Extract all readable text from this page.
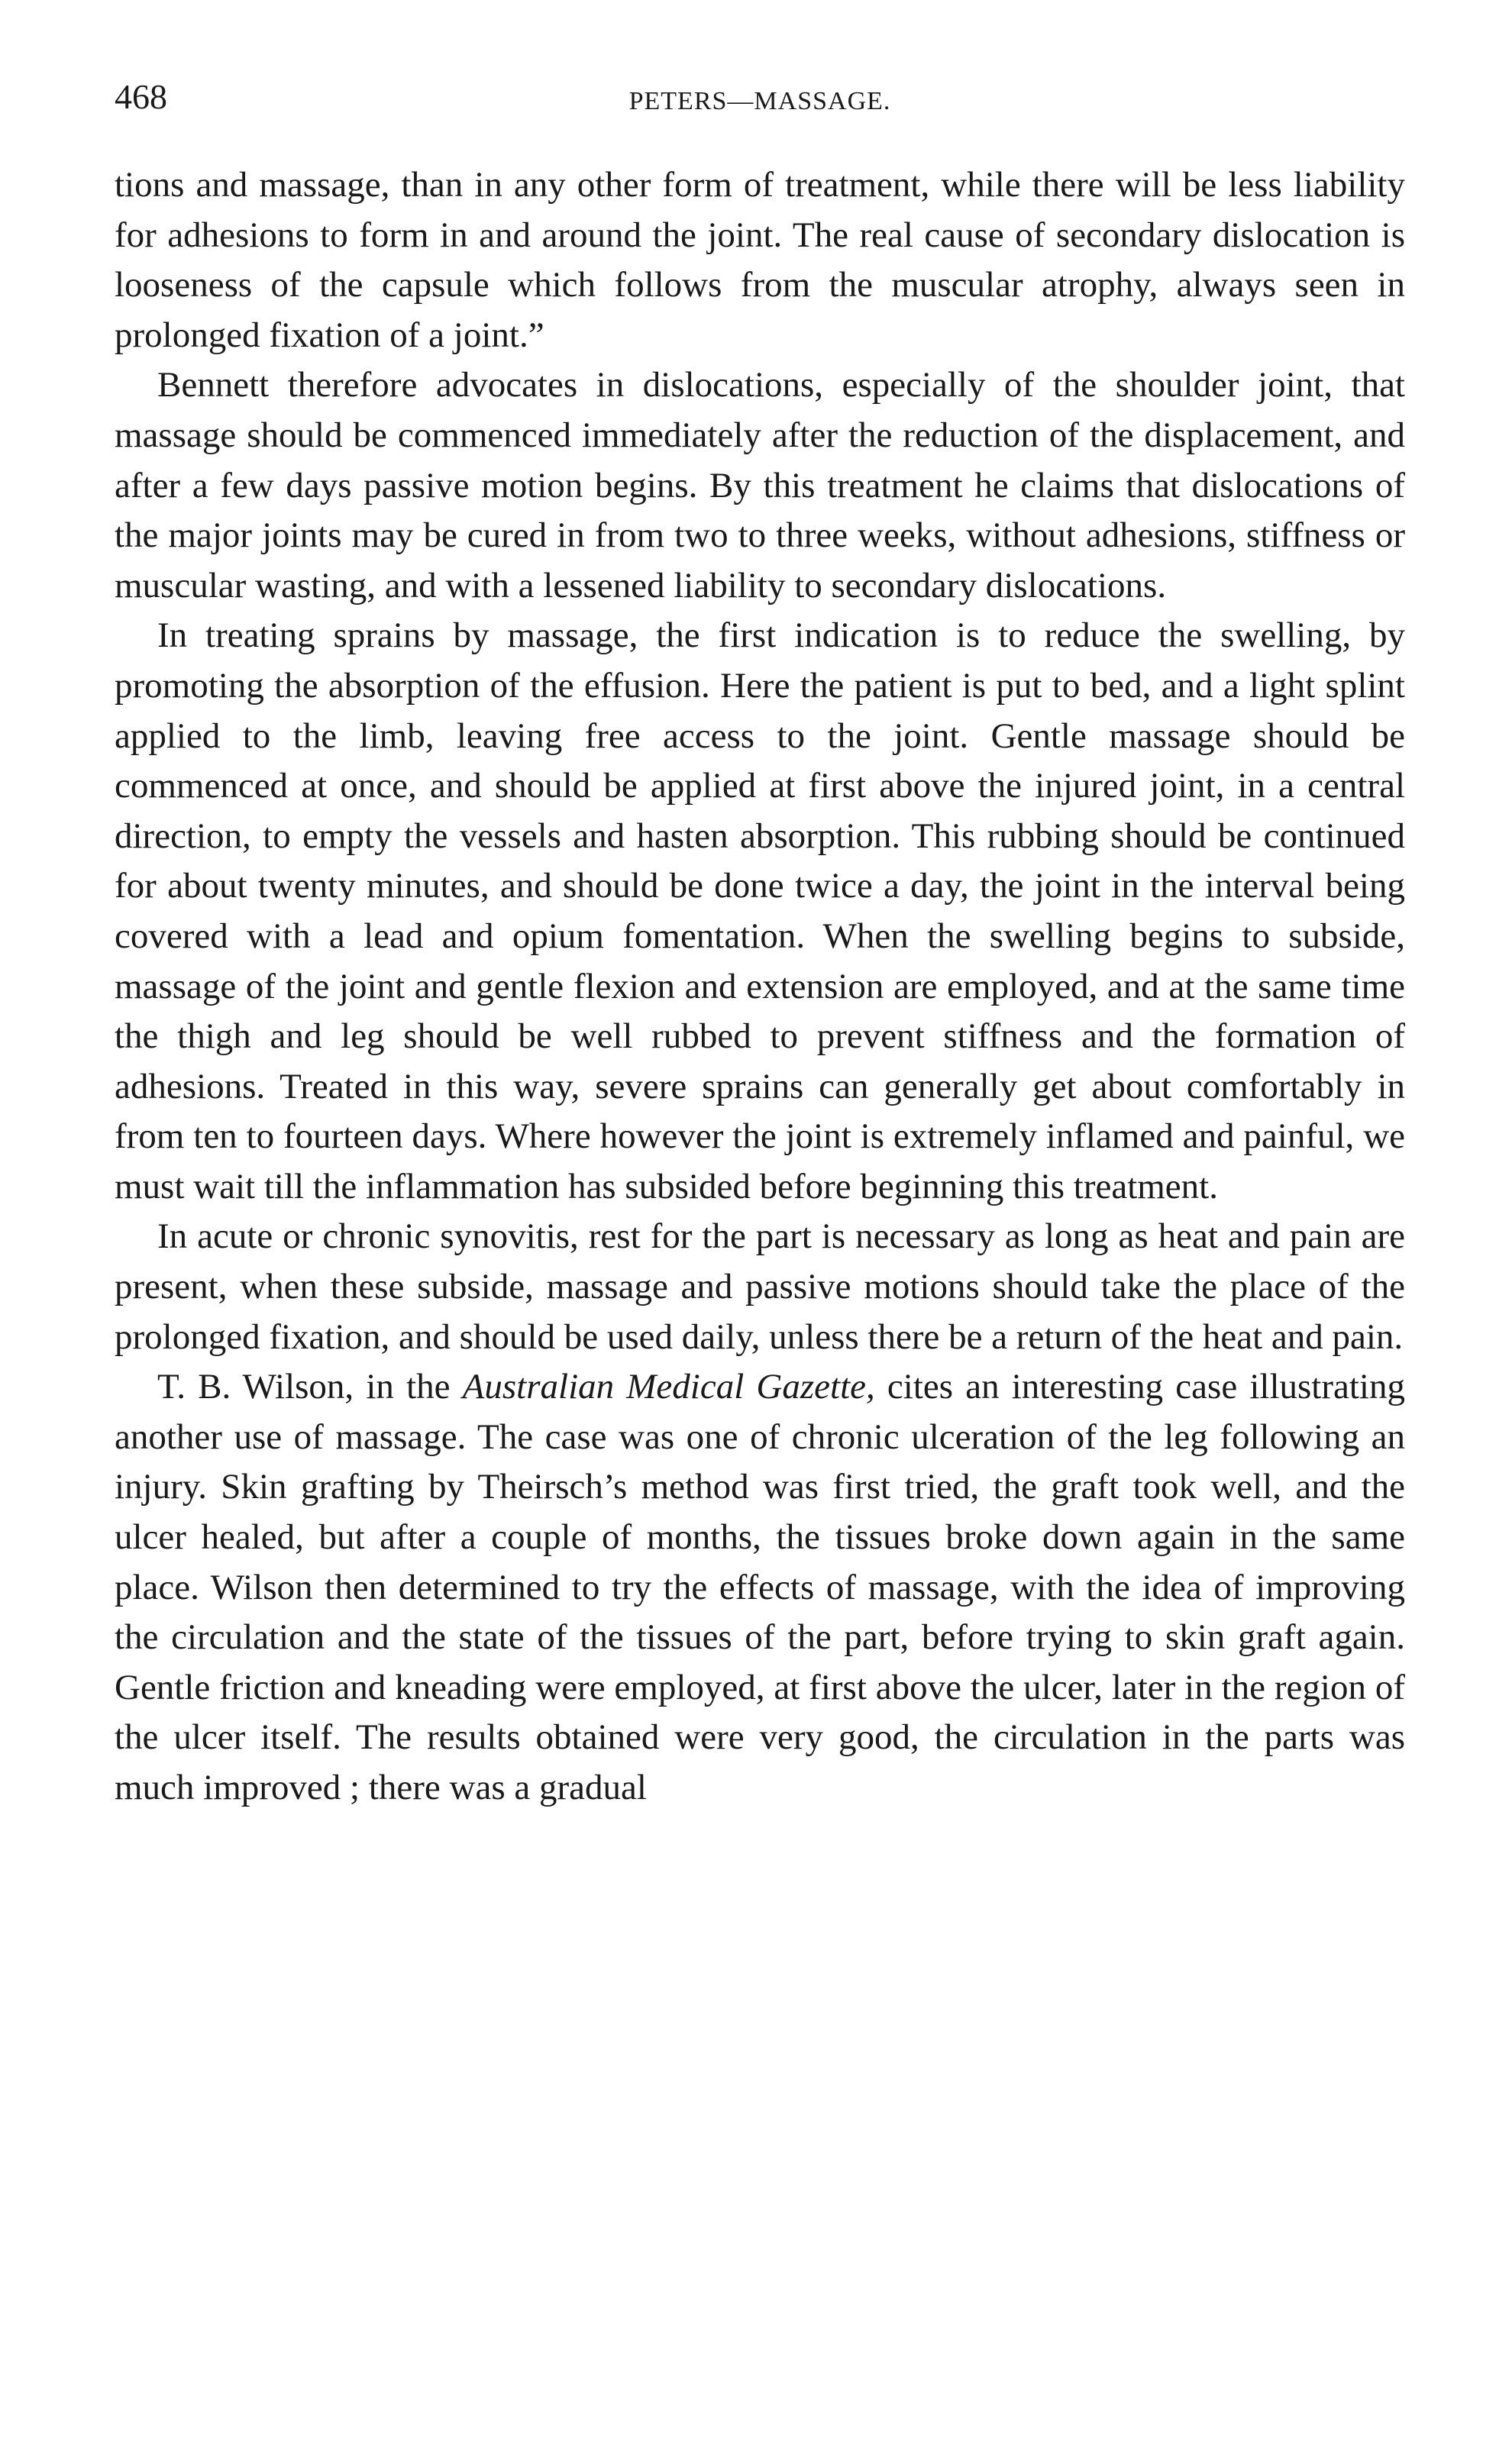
468	PETERS—MASSAGE.

tions and massage, than in any other form of treatment, while there will be less liability for adhesions to form in and around the joint. The real cause of secondary dislocation is looseness of the capsule which follows from the muscular atrophy, always seen in prolonged fixation of a joint.”

Bennett therefore advocates in dislocations, especially of the shoulder joint, that massage should be commenced immediately after the reduction of the displacement, and after a few days passive motion begins. By this treatment he claims that dislocations of the major joints may be cured in from two to three weeks, without adhesions, stiffness or muscular wasting, and with a lessened liability to secondary dislocations.

In treating sprains by massage, the first indication is to reduce the swelling, by promoting the absorption of the effusion. Here the patient is put to bed, and a light splint applied to the limb, leaving free access to the joint. Gentle massage should be commenced at once, and should be applied at first above the injured joint, in a central direction, to empty the vessels and hasten absorption. This rubbing should be continued for about twenty minutes, and should be done twice a day, the joint in the interval being covered with a lead and opium fomentation. When the swelling begins to subside, massage of the joint and gentle flexion and extension are employed, and at the same time the thigh and leg should be well rubbed to prevent stiffness and the formation of adhesions. Treated in this way, severe sprains can generally get about comfortably in from ten to fourteen days. Where however the joint is extremely inflamed and painful, we must wait till the inflammation has subsided before beginning this treatment.

In acute or chronic synovitis, rest for the part is necessary as long as heat and pain are present, when these subside, massage and passive motions should take the place of the prolonged fixation, and should be used daily, unless there be a return of the heat and pain.

T. B. Wilson, in the Australian Medical Gazette, cites an interesting case illustrating another use of massage. The case was one of chronic ulceration of the leg following an injury. Skin grafting by Theirsch’s method was first tried, the graft took well, and the ulcer healed, but after a couple of months, the tissues broke down again in the same place. Wilson then determined to try the effects of massage, with the idea of improving the circulation and the state of the tissues of the part, before trying to skin graft again. Gentle friction and kneading were employed, at first above the ulcer, later in the region of the ulcer itself. The results obtained were very good, the circulation in the parts was much improved ; there was a gradual
